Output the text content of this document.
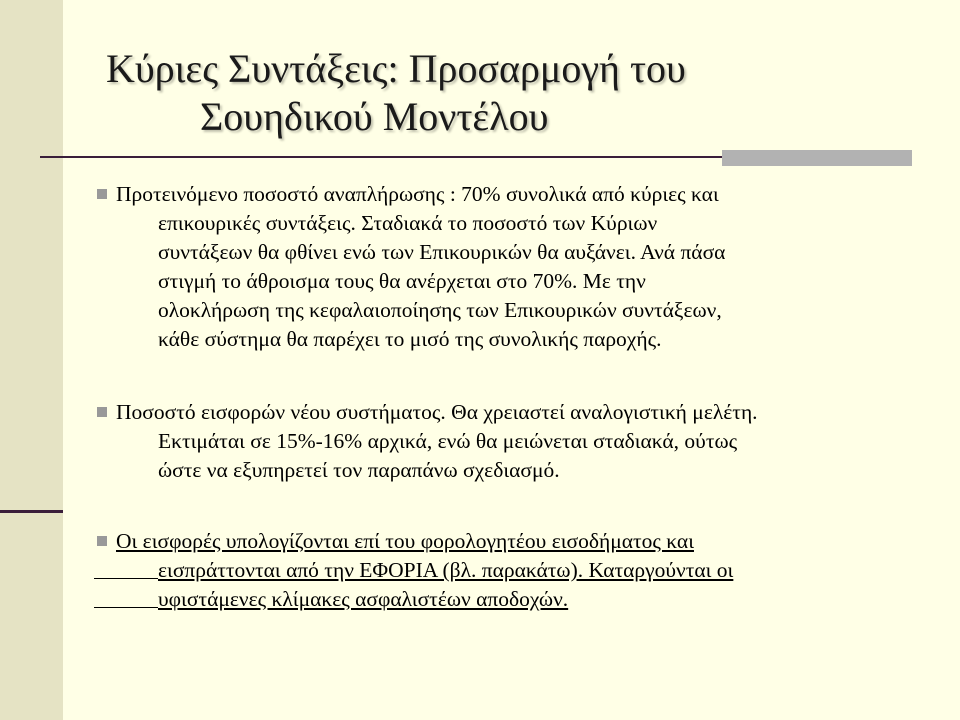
Κύριες Συντάξεις: Προσαρμογή του
Σουηδικού Μοντέλου
Προτεινόμενο ποσοστό αναπλήρωσης : 70% συνολικά από κύριες και
επικουρικές συντάξεις. Σταδιακά το ποσοστό των Κύριων
συντάξεων θα φθίνει ενώ των Επικουρικών θα αυξάνει. Ανά πάσα
στιγμή το άθροισμα τους θα ανέρχεται στο 70%. Με την
ολοκλήρωση της κεφαλαιοποίησης των Επικουρικών συντάξεων,
κάθε σύστημα θα παρέχει το μισό της συνολικής παροχής.
Ποσοστό εισφορών νέου συστήματος. Θα χρειαστεί αναλογιστική μελέτη.
Εκτιμάται σε 15%-16% αρχικά, ενώ θα μειώνεται σταδιακά, ούτως
ώστε να εξυπηρετεί τον παραπάνω σχεδιασμό.
Οι εισφορές υπολογίζονται επί του φορολογητέου εισοδήματος και
εισπράττονται από την ΕΦΟΡΙΑ (βλ. παρακάτω). Καταργούνται οι
υφιστάμενες κλίμακες ασφαλιστέων αποδοχών.
